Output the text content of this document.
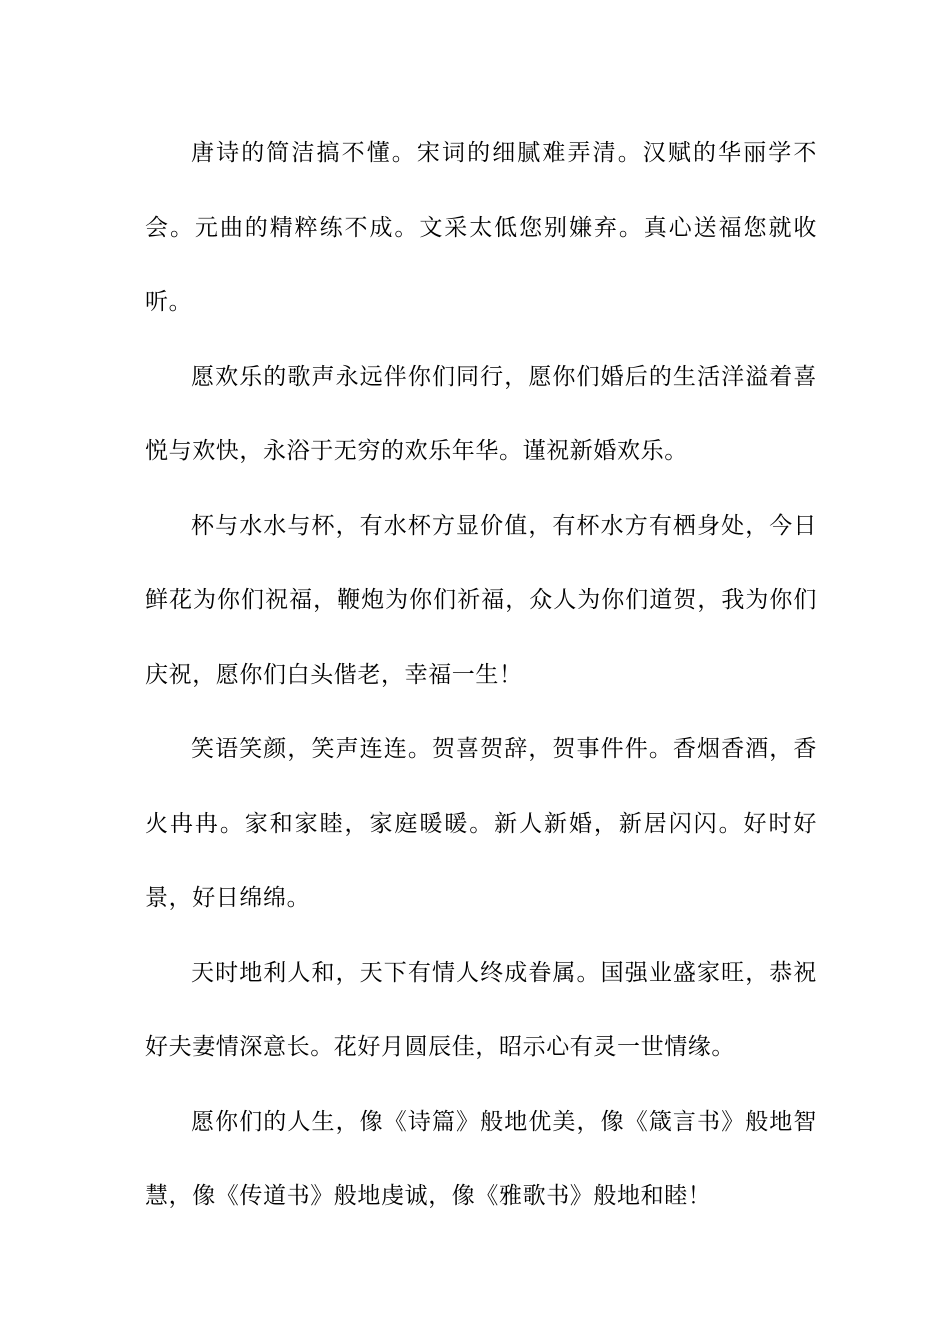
唐诗的简洁搞不懂。宋词的细腻难弄清。汉赋的华丽学不会。元曲的精粹练不成。文采太低您别嫌弃。真心送福您就收听。

愿欢乐的歌声永远伴你们同行，愿你们婚后的生活洋溢着喜悦与欢快，永浴于无穷的欢乐年华。谨祝新婚欢乐。

杯与水水与杯，有水杯方显价值，有杯水方有栖身处，今日鲜花为你们祝福，鞭炮为你们祈福，众人为你们道贺，我为你们庆祝，愿你们白头偕老，幸福一生！

笑语笑颜，笑声连连。贺喜贺辞，贺事件件。香烟香酒，香火冉冉。家和家睦，家庭暖暖。新人新婚，新居闪闪。好时好景，好日绵绵。

天时地利人和，天下有情人终成眷属。国强业盛家旺，恭祝好夫妻情深意长。花好月圆辰佳，昭示心有灵一世情缘。

愿你们的人生，像《诗篇》般地优美，像《箴言书》般地智慧，像《传道书》般地虔诚，像《雅歌书》般地和睦！
